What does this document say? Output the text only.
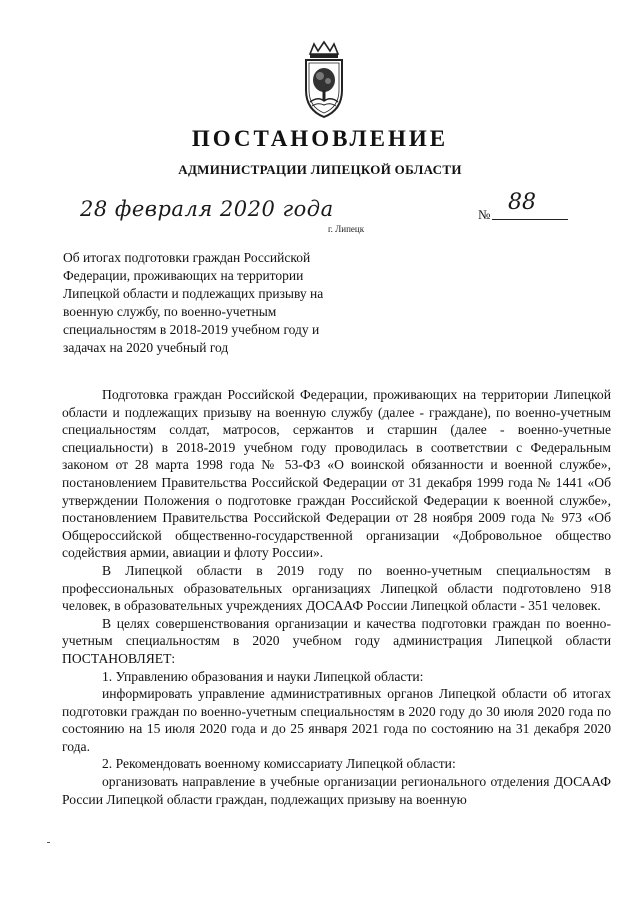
ПОСТАНОВЛЕНИЕ
АДМИНИСТРАЦИИ ЛИПЕЦКОЙ ОБЛАСТИ
28 февраля 2020 года
г. Липецк
№ 88
Об итогах подготовки граждан Российской
Федерации, проживающих на территории
Липецкой области и подлежащих призыву на
военную службу, по военно-учетным
специальностям в 2018-2019 учебном году и
задачах на 2020 учебный год

Подготовка граждан Российской Федерации, проживающих на территории Липецкой области и подлежащих призыву на военную службу (далее - граждане), по военно-учетным специальностям солдат, матросов, сержантов и старшин (далее - военно-учетные специальности) в 2018-2019 учебном году проводилась в соответствии с Федеральным законом от 28 марта 1998 года № 53-ФЗ «О воинской обязанности и военной службе», постановлением Правительства Российской Федерации от 31 декабря 1999 года № 1441 «Об утверждении Положения о подготовке граждан Российской Федерации к военной службе», постановлением Правительства Российской Федерации от 28 ноября 2009 года № 973 «Об Общероссийской общественно-государственной организации «Добровольное общество содействия армии, авиации и флоту России».

В Липецкой области в 2019 году по военно-учетным специальностям в профессиональных образовательных организациях Липецкой области подготовлено 918 человек, в образовательных учреждениях ДОСААФ России Липецкой области - 351 человек.

В целях совершенствования организации и качества подготовки граждан по военно-учетным специальностям в 2020 учебном году администрация Липецкой области ПОСТАНОВЛЯЕТ:

1. Управлению образования и науки Липецкой области:

информировать управление административных органов Липецкой области об итогах подготовки граждан по военно-учетным специальностям в 2020 году до 30 июля 2020 года по состоянию на 15 июля 2020 года и до 25 января 2021 года по состоянию на 31 декабря 2020 года.

2. Рекомендовать военному комиссариату Липецкой области:

организовать направление в учебные организации регионального отделения ДОСААФ России Липецкой области граждан, подлежащих призыву на военную
